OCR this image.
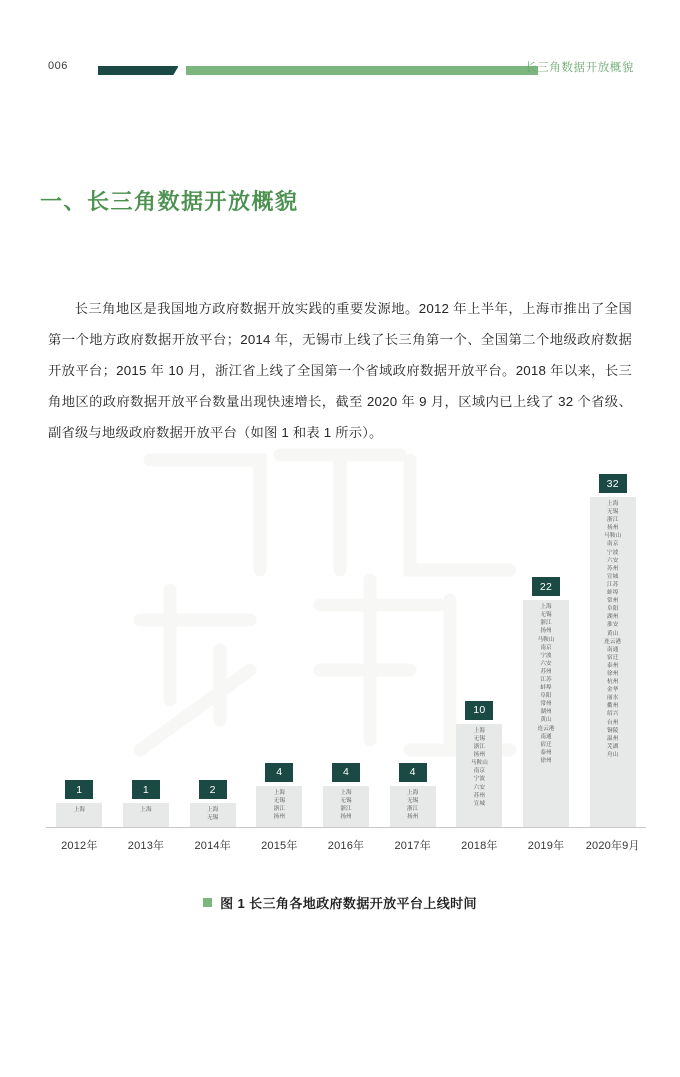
006	长三角数据开放概貌
一、长三角数据开放概貌

长三角地区是我国地方政府数据开放实践的重要发源地。2012 年上半年，上海市推出了全国第一个地方政府数据开放平台；2014 年，无锡市上线了长三角第一个、全国第二个地级政府数据开放平台；2015 年 10 月，浙江省上线了全国第一个省域政府数据开放平台。2018 年以来，长三角地区的政府数据开放平台数量出现快速增长，截至 2020 年 9 月，区域内已上线了 32 个省级、副省级与地级政府数据开放平台（如图 1 和表 1 所示）。

1
上海
1
上海
2
上海
无锡
4
上海
无锡
浙江
扬州
4
上海
无锡
浙江
扬州
4
上海
无锡
浙江
扬州
10
上海
无锡
浙江
扬州
马鞍山
南京
宁波
六安
苏州
宣城
22
上海
无锡
浙江
扬州
马鞍山
南京
宁波
六安
苏州
江苏
蚌埠
阜阳
常州
湖州
黄山
连云港
南通
宿迁
泰州
徐州
32
上海
无锡
浙江
扬州
马鞍山
南京
宁波
六安
苏州
宣城
江苏
蚌埠
常州
阜阳
湖州
淮安
黄山
连云港
南通
宿迁
泰州
徐州
杭州
金华
丽水
衢州
绍兴
台州
铜陵
温州
芜湖
舟山
2012年	2013年	2014年	2015年	2016年	2017年	2018年	2019年	2020年9月
图 1 长三角各地政府数据开放平台上线时间
